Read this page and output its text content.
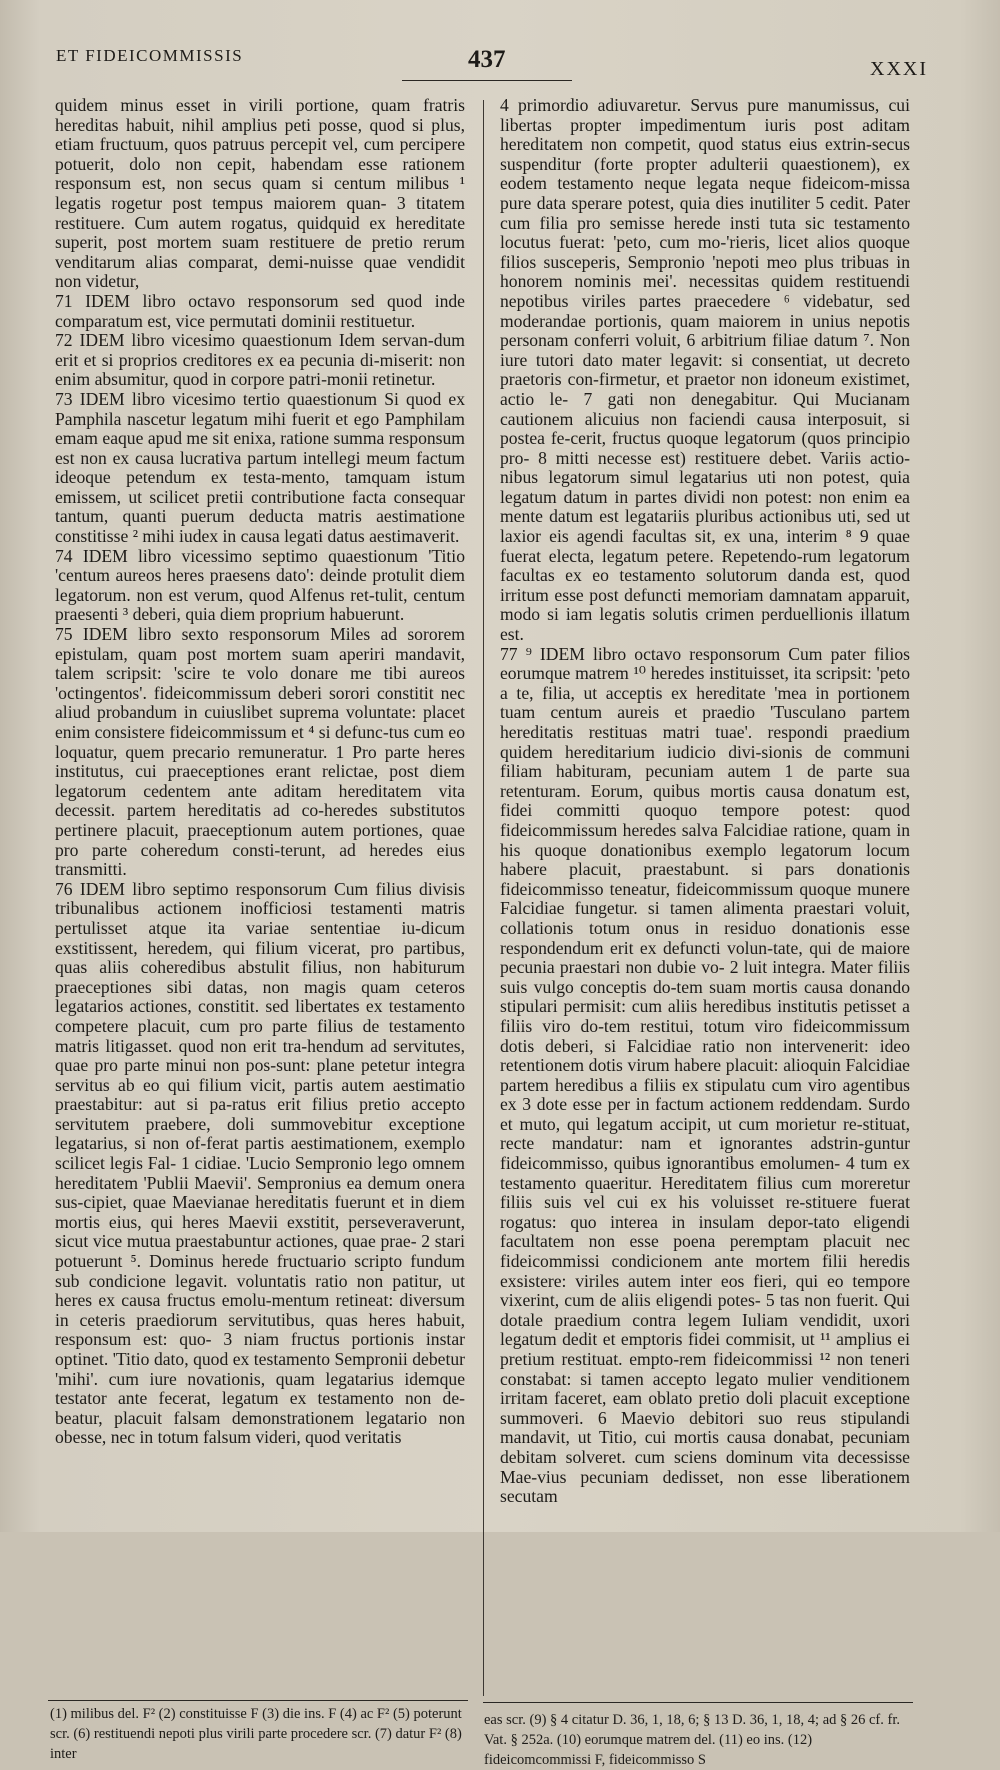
ET FIDEICOMMISSIS	437	XXXI

quidem minus esset in virili portione, quam fratris hereditas habuit, nihil amplius peti posse, quod si plus, etiam fructuum, quos patruus percepit vel, cum percipere potuerit, dolo non cepit, habendam esse rationem responsum est, non secus quam si centum milibus ¹ legatis rogetur post tempus maiorem quan- 3 titatem restituere. Cum autem rogatus, quidquid ex hereditate superit, post mortem suam restituere de pretio rerum venditarum alias comparat, demi-nuisse quae vendidit non videtur,

71 IDEM libro octavo responsorum sed quod inde comparatum est, vice permutati dominii restituetur.

72 IDEM libro vicesimo quaestionum Idem servan-dum erit et si proprios creditores ex ea pecunia di-miserit: non enim absumitur, quod in corpore patri-monii retinetur.

73 IDEM libro vicesimo tertio quaestionum Si quod ex Pamphila nascetur legatum mihi fuerit et ego Pamphilam emam eaque apud me sit enixa, ratione summa responsum est non ex causa lucrativa partum intellegi meum factum ideoque petendum ex testa-mento, tamquam istum emissem, ut scilicet pretii contributione facta consequar tantum, quanti puerum deducta matris aestimatione constitisse ² mihi iudex in causa legati datus aestimaverit.

74 IDEM libro vicessimo septimo quaestionum 'Titio 'centum aureos heres praesens dato': deinde protulit diem legatorum. non est verum, quod Alfenus ret-tulit, centum praesenti ³ deberi, quia diem proprium habuerunt.

75 IDEM libro sexto responsorum Miles ad sororem epistulam, quam post mortem suam aperiri mandavit, talem scripsit: 'scire te volo donare me tibi aureos 'octingentos'. fideicommissum deberi sorori constitit nec aliud probandum in cuiuslibet suprema voluntate: placet enim consistere fideicommissum et ⁴ si defunc-tus cum eo loquatur, quem precario remuneratur. 1 Pro parte heres institutus, cui praeceptiones erant relictae, post diem legatorum cedentem ante aditam hereditatem vita decessit. partem hereditatis ad co-heredes substitutos pertinere placuit, praeceptionum autem portiones, quae pro parte coheredum consti-terunt, ad heredes eius transmitti.

76 IDEM libro septimo responsorum Cum filius divisis tribunalibus actionem inofficiosi testamenti matris pertulisset atque ita variae sententiae iu-dicum exstitissent, heredem, qui filium vicerat, pro partibus, quas aliis coheredibus abstulit filius, non habiturum praeceptiones sibi datas, non magis quam ceteros legatarios actiones, constitit. sed libertates ex testamento competere placuit, cum pro parte filius de testamento matris litigasset. quod non erit tra-hendum ad servitutes, quae pro parte minui non pos-sunt: plane petetur integra servitus ab eo qui filium vicit, partis autem aestimatio praestabitur: aut si pa-ratus erit filius pretio accepto servitutem praebere, doli summovebitur exceptione legatarius, si non of-ferat partis aestimationem, exemplo scilicet legis Fal- 1 cidiae. 'Lucio Sempronio lego omnem hereditatem 'Publii Maevii'. Sempronius ea demum onera sus-cipiet, quae Maevianae hereditatis fuerunt et in diem mortis eius, qui heres Maevii exstitit, perseveraverunt, sicut vice mutua praestabuntur actiones, quae prae- 2 stari potuerunt ⁵. Dominus herede fructuario scripto fundum sub condicione legavit. voluntatis ratio non patitur, ut heres ex causa fructus emolu-mentum retineat: diversum in ceteris praediorum servitutibus, quas heres habuit, responsum est: quo- 3 niam fructus portionis instar optinet. 'Titio dato, quod ex testamento Sempronii debetur 'mihi'. cum iure novationis, quam legatarius idemque testator ante fecerat, legatum ex testamento non de-beatur, placuit falsam demonstrationem legatario non obesse, nec in totum falsum videri, quod veritatis

4 primordio adiuvaretur. Servus pure manumissus, cui libertas propter impedimentum iuris post aditam hereditatem non competit, quod status eius extrin-secus suspenditur (forte propter adulterii quaestionem), ex eodem testamento neque legata neque fideicom-missa pure data sperare potest, quia dies inutiliter 5 cedit. Pater cum filia pro semisse herede insti tuta sic testamento locutus fuerat: 'peto, cum mo-'rieris, licet alios quoque filios susceperis, Sempronio 'nepoti meo plus tribuas in honorem nominis mei'. necessitas quidem restituendi nepotibus viriles partes praecedere ⁶ videbatur, sed moderandae portionis, quam maiorem in unius nepotis personam conferri voluit, 6 arbitrium filiae datum ⁷. Non iure tutori dato mater legavit: si consentiat, ut decreto praetoris con-firmetur, et praetor non idoneum existimet, actio le- 7 gati non denegabitur. Qui Mucianam cautionem alicuius non faciendi causa interposuit, si postea fe-cerit, fructus quoque legatorum (quos principio pro- 8 mitti necesse est) restituere debet. Variis actio-nibus legatorum simul legatarius uti non potest, quia legatum datum in partes dividi non potest: non enim ea mente datum est legatariis pluribus actionibus uti, sed ut laxior eis agendi facultas sit, ex una, interim ⁸ 9 quae fuerat electa, legatum petere. Repetendo-rum legatorum facultas ex eo testamento solutorum danda est, quod irritum esse post defuncti memoriam damnatam apparuit, modo si iam legatis solutis crimen perduellionis illatum est.

77 ⁹ IDEM libro octavo responsorum Cum pater filios eorumque matrem ¹⁰ heredes instituisset, ita scripsit: 'peto a te, filia, ut acceptis ex hereditate 'mea in portionem tuam centum aureis et praedio 'Tusculano partem hereditatis restituas matri tuae'. respondi praedium quidem hereditarium iudicio divi-sionis de communi filiam habituram, pecuniam autem 1 de parte sua retenturam. Eorum, quibus mortis causa donatum est, fidei committi quoquo tempore potest: quod fideicommissum heredes salva Falcidiae ratione, quam in his quoque donationibus exemplo legatorum locum habere placuit, praestabunt. si pars donationis fideicommisso teneatur, fideicommissum quoque munere Falcidiae fungetur. si tamen alimenta praestari voluit, collationis totum onus in residuo donationis esse respondendum erit ex defuncti volun-tate, qui de maiore pecunia praestari non dubie vo- 2 luit integra. Mater filiis suis vulgo conceptis do-tem suam mortis causa donando stipulari permisit: cum aliis heredibus institutis petisset a filiis viro do-tem restitui, totum viro fideicommissum dotis deberi, si Falcidiae ratio non intervenerit: ideo retentionem dotis virum habere placuit: alioquin Falcidiae partem heredibus a filiis ex stipulatu cum viro agentibus ex 3 dote esse per in factum actionem reddendam. Surdo et muto, qui legatum accipit, ut cum morietur re-stituat, recte mandatur: nam et ignorantes adstrin-guntur fideicommisso, quibus ignorantibus emolumen- 4 tum ex testamento quaeritur. Hereditatem filius cum moreretur filiis suis vel cui ex his voluisset re-stituere fuerat rogatus: quo interea in insulam depor-tato eligendi facultatem non esse poena peremptam placuit nec fideicommissi condicionem ante mortem filii heredis exsistere: viriles autem inter eos fieri, qui eo tempore vixerint, cum de aliis eligendi potes- 5 tas non fuerit. Qui dotale praedium contra legem Iuliam vendidit, uxori legatum dedit et emptoris fidei commisit, ut ¹¹ amplius ei pretium restituat. empto-rem fideicommissi ¹² non teneri constabat: si tamen accepto legato mulier venditionem irritam faceret, eam oblato pretio doli placuit exceptione summoveri. 6 Maevio debitori suo reus stipulandi mandavit, ut Titio, cui mortis causa donabat, pecuniam debitam solveret. cum sciens dominum vita decessisse Mae-vius pecuniam dedisset, non esse liberationem secutam

(1) milibus del. F² (2) constituisse F (3) die ins. F (4) ac F² (5) poterunt scr. (6) restituendi nepoti plus virili parte procedere scr. (7) datur F² (8) inter

eas scr. (9) § 4 citatur D. 36, 1, 18, 6; § 13 D. 36, 1, 18, 4; ad § 26 cf. fr. Vat. § 252a. (10) eorumque matrem del. (11) eo ins. (12) fideicomcommissi F, fideicommisso S
